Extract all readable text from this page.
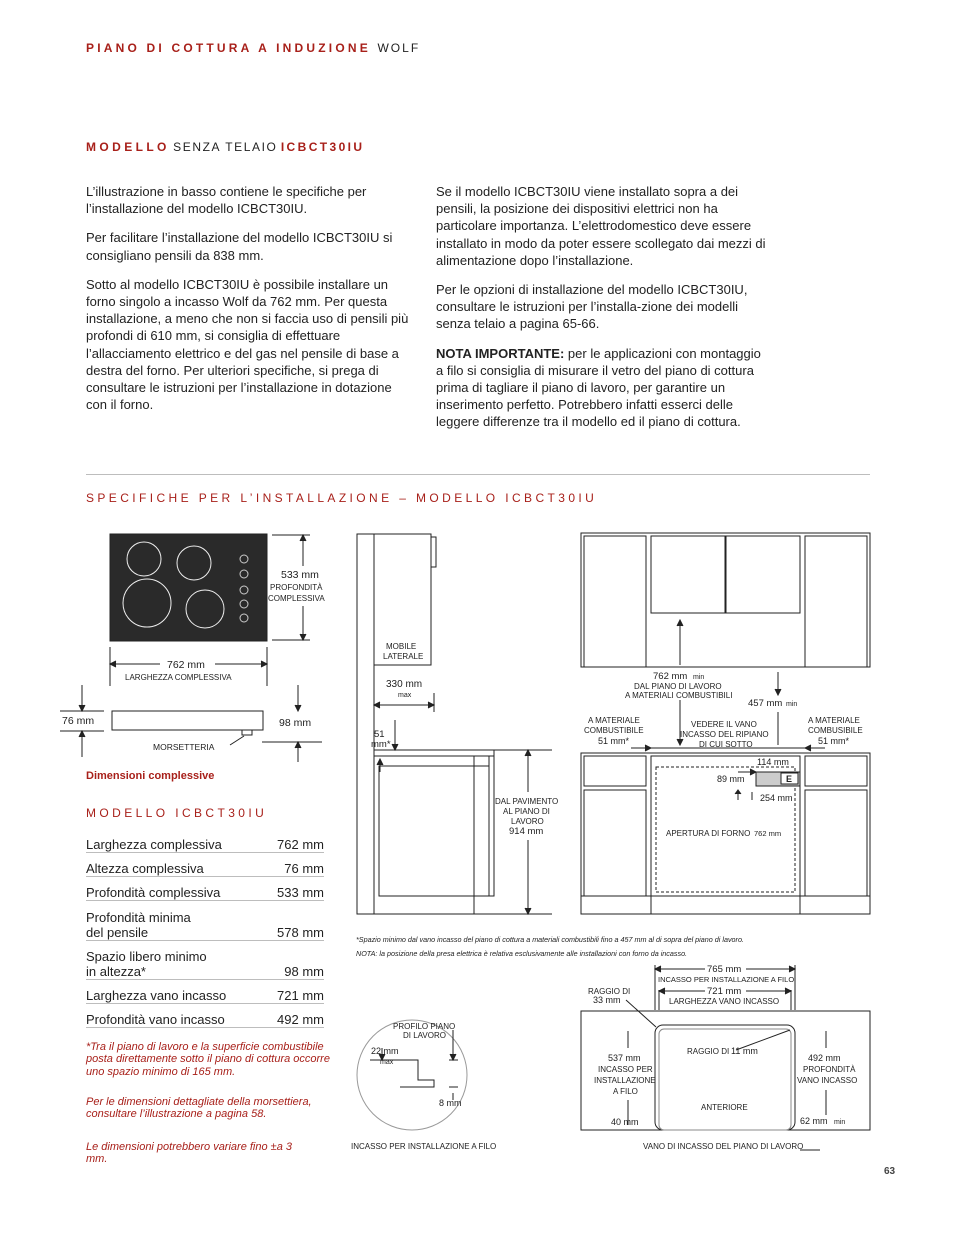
PIANO DI COTTURA A INDUZIONE WOLF
MODELLO SENZA TELAIO ICBCT30IU

L’illustrazione in basso contiene le specifiche per l’installazione del modello ICBCT30IU.

Per facilitare l’installazione del modello ICBCT30IU si consigliano pensili da 838 mm.

Sotto al modello ICBCT30IU è possibile installare un forno singolo a incasso Wolf da 762 mm. Per questa installazione, a meno che non si faccia uso di pensili più profondi di 610 mm, si consiglia di effettuare l’allacciamento elettrico e del gas nel pensile di base a destra del forno. Per ulteriori specifiche, si prega di consultare le istruzioni per l’installazione in dotazione con il forno.

Se il modello ICBCT30IU viene installato sopra a dei pensili, la posizione dei dispositivi elettrici non ha particolare importanza. L’elettrodomestico deve essere installato in modo da poter essere scollegato dai mezzi di alimentazione dopo l’installazione.

Per le opzioni di installazione del modello ICBCT30IU, consultare le istruzioni per l’installa-zione dei modelli senza telaio a pagina 65-66.

NOTA IMPORTANTE: per le applicazioni con montaggio a filo si consiglia di misurare il vetro del piano di cottura prima di tagliare il piano di lavoro, per garantire un inserimento perfetto. Potrebbero infatti esserci delle leggere differenze tra il modello ed il piano di cottura.

SPECIFICHE PER L’INSTALLAZIONE – MODELLO ICBCT30IU
533 mm
PROFONDITÀ
COMPLESSIVA
762 mm
LARGHEZZA COMPLESSIVA
76 mm	98 mm
MORSETTERIA
MOBILE
LATERALE
330 mm
max
51
mm*
DAL PAVIMENTO
AL PIANO DI
LAVORO
914 mm
762 mm min
DAL PIANO DI LAVORO
A MATERIALI COMBUSTIBILI
457 mm min
A MATERIALE
COMBUSTIBILE
51 mm*
VEDERE IL VANO
INCASSO DEL RIPIANO
DI CUI SOTTO
A MATERIALE
COMBUSIBILE
51 mm*
114 mm
89 mm	E
254 mm
APERTURA DI FORNO 762 mm
PROFILO PIANO
DI LAVORO
22 mm
max
8 mm
INCASSO PER INSTALLAZIONE A FILO
765 mm
INCASSO PER INSTALLAZIONE A FILO
721 mm
LARGHEZZA VANO INCASSO
RAGGIO DI
33 mm
RAGGIO DI 11 mm
537 mm
INCASSO PER
INSTALLAZIONE
A FILO
492 mm
PROFONDITÀ
VANO INCASSO
ANTERIORE
40 mm	62 mm min
VANO DI INCASSO DEL PIANO DI LAVORO
*Spazio minimo dal vano incasso del piano di cottura a materiali combustibili fino a 457 mm al di sopra del piano di lavoro.
NOTA: la posizione della presa elettrica è relativa esclusivamente alle installazioni con forno da incasso.
Dimensioni complessive
MODELLO ICBCT30IU
Larghezza complessiva	762 mm
Altezza complessiva	76 mm
Profondità complessiva	533 mm
Profondità minima
del pensile	578 mm
Spazio libero minimo
in altezza*	98 mm
Larghezza vano incasso	721 mm
Profondità vano incasso	492 mm
*Tra il piano di lavoro e la superficie combustibile posta direttamente sotto il piano di cottura occorre uno spazio minimo di 165 mm.
Per le dimensioni dettagliate della morsettiera, consultare l’illustrazione a pagina 58.
Le dimensioni potrebbero variare fino ±a 3 mm.
63
